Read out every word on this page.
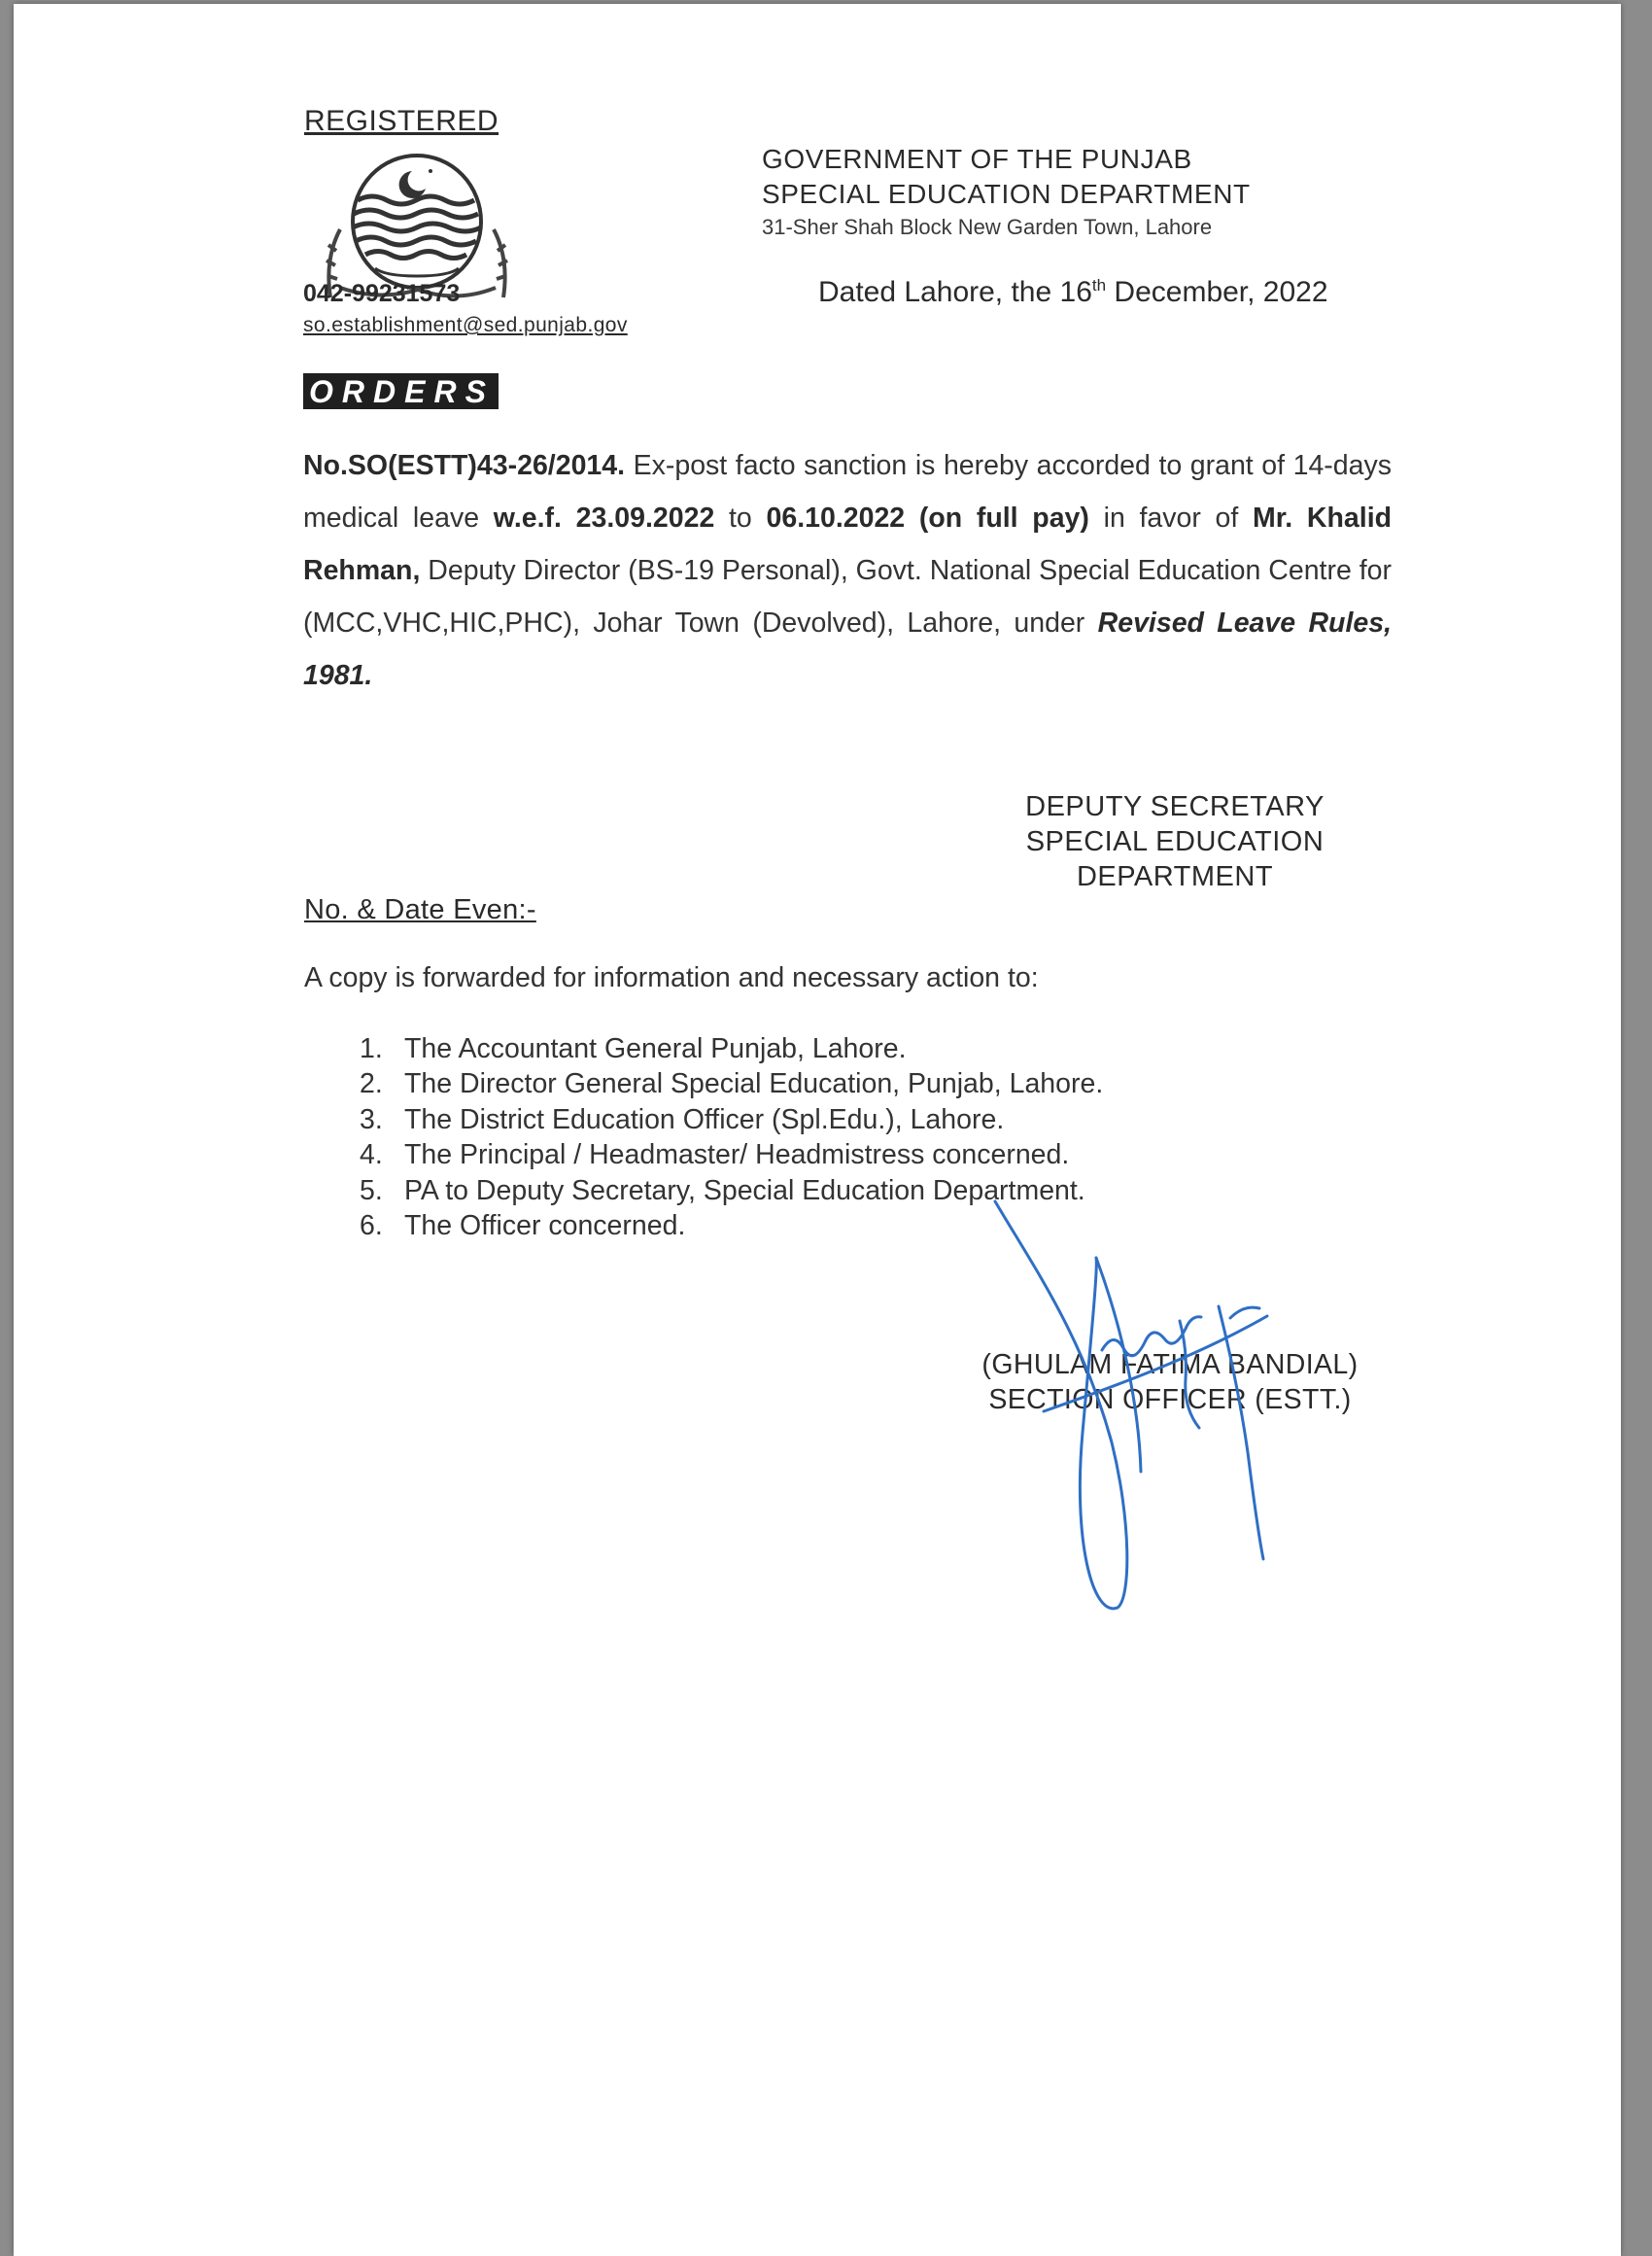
REGISTERED
042-99231573
so.establishment@sed.punjab.gov
GOVERNMENT OF THE PUNJAB
SPECIAL EDUCATION DEPARTMENT
31-Sher Shah Block New Garden Town, Lahore
Dated Lahore, the 16th December, 2022
ORDERS
No.SO(ESTT)43-26/2014. Ex-post facto sanction is hereby accorded to grant of 14-days medical leave w.e.f. 23.09.2022 to 06.10.2022 (on full pay) in favor of Mr. Khalid Rehman, Deputy Director (BS-19 Personal), Govt. National Special Education Centre for (MCC,VHC,HIC,PHC), Johar Town (Devolved), Lahore, under Revised Leave Rules, 1981.
DEPUTY SECRETARY
SPECIAL EDUCATION
DEPARTMENT
No. & Date Even:-
A copy is forwarded for information and necessary action to:
1. The Accountant General Punjab, Lahore.
2. The Director General Special Education, Punjab, Lahore.
3. The District Education Officer (Spl.Edu.), Lahore.
4. The Principal / Headmaster/ Headmistress concerned.
5. PA to Deputy Secretary, Special Education Department.
6. The Officer concerned.
(GHULAM FATIMA BANDIAL)
SECTION OFFICER (ESTT.)
